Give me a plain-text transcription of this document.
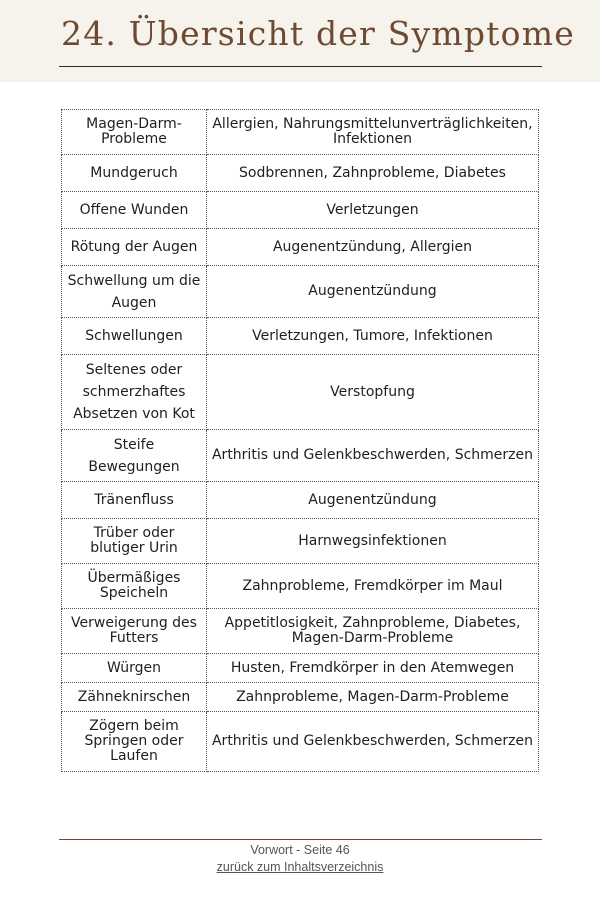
24. Übersicht der Symptome
Magen-Darm-Probleme	Allergien, Nahrungsmittelunverträglichkeiten, Infektionen
Mundgeruch	Sodbrennen, Zahnprobleme, Diabetes
Offene Wunden	Verletzungen
Rötung der Augen	Augenentzündung, Allergien
Schwellung um die Augen	Augenentzündung
Schwellungen	Verletzungen, Tumore, Infektionen
Seltenes oder schmerzhaftes Absetzen von Kot	Verstopfung
Steife Bewegungen	Arthritis und Gelenkbeschwerden, Schmerzen
Tränenfluss	Augenentzündung
Trüber oder blutiger Urin	Harnwegsinfektionen
Übermäßiges Speicheln	Zahnprobleme, Fremdkörper im Maul
Verweigerung des Futters	Appetitlosigkeit, Zahnprobleme, Diabetes, Magen-Darm-Probleme
Würgen	Husten, Fremdkörper in den Atemwegen
Zähneknirschen	Zahnprobleme, Magen-Darm-Probleme
Zögern beim Springen oder Laufen	Arthritis und Gelenkbeschwerden, Schmerzen
Vorwort - Seite 46
zurück zum Inhaltsverzeichnis
